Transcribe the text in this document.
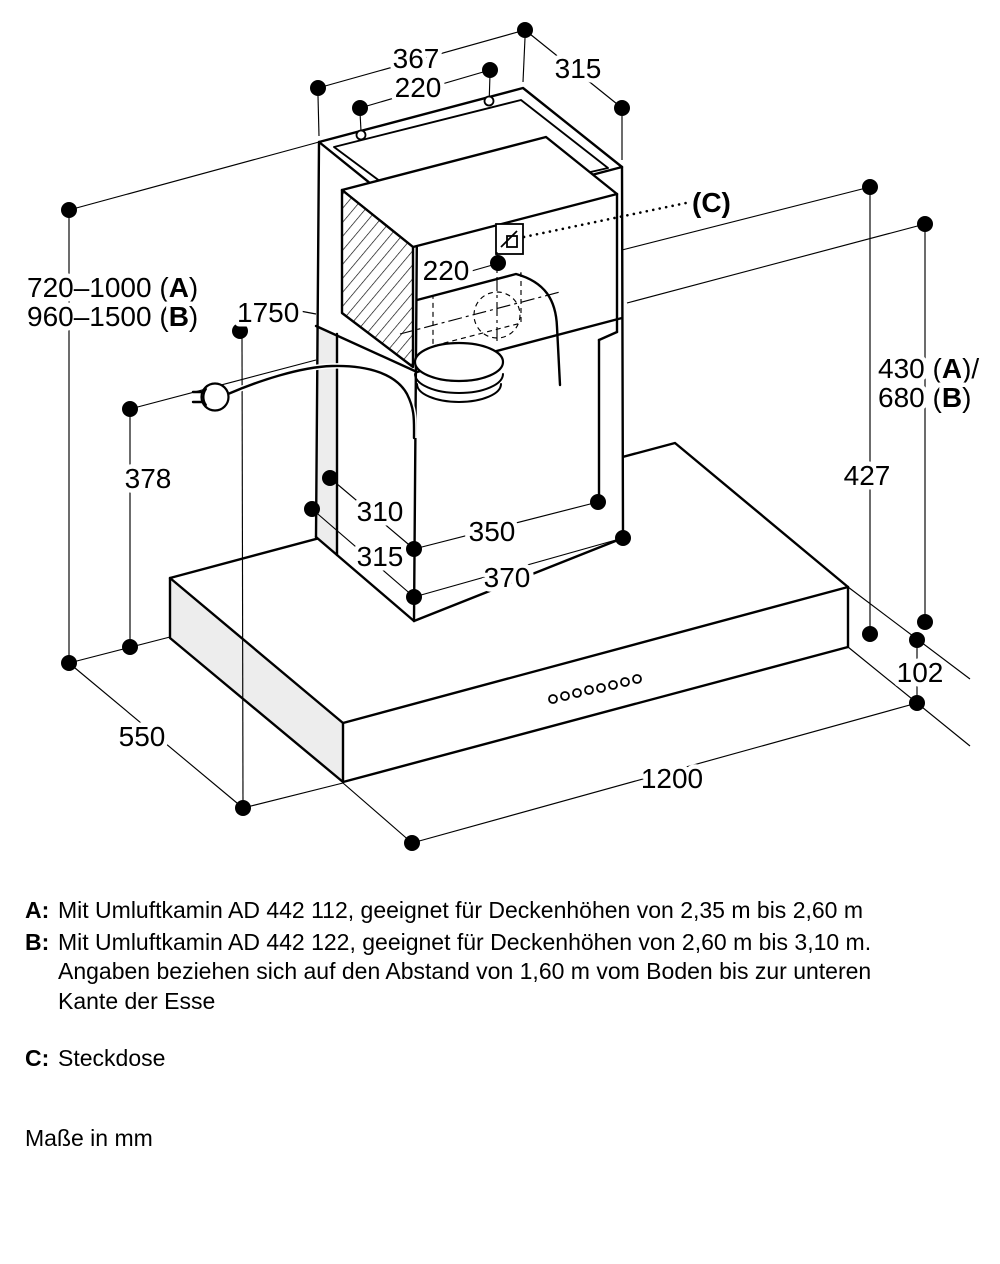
367
220
315
(C)
220
720–1000 (A)
960–1500 (B) 1750
378
310
315
350
370
430 (A)/
680 (B)
427
102
550
1200
A: Mit Umluftkamin AD 442 112, geeignet für Deckenhöhen von 2,35 m bis 2,60 m
B: Mit Umluftkamin AD 442 122, geeignet für Deckenhöhen von 2,60 m bis 3,10 m. Angaben beziehen sich auf den Abstand von 1,60 m vom Boden bis zur unteren Kante der Esse
C: Steckdose
Maße in mm
